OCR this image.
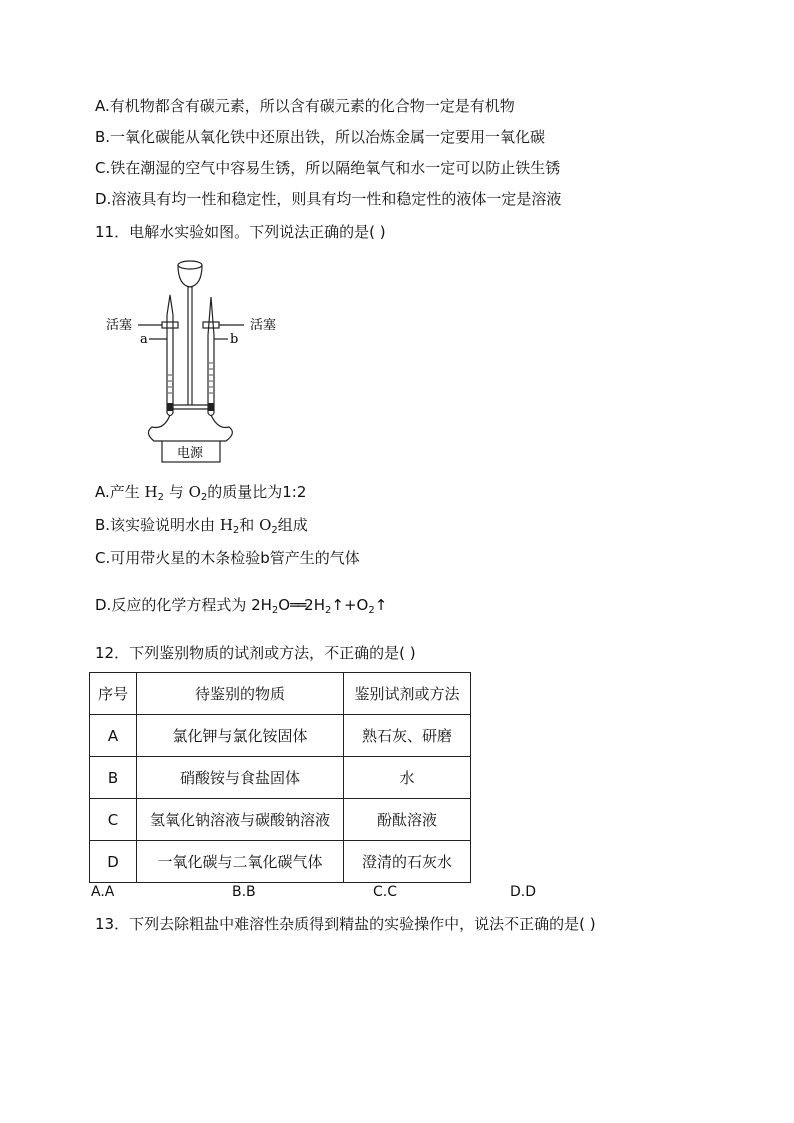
A.有机物都含有碳元素，所以含有碳元素的化合物一定是有机物
B.一氧化碳能从氧化铁中还原出铁，所以冶炼金属一定要用一氧化碳
C.铁在潮湿的空气中容易生锈，所以隔绝氧气和水一定可以防止铁生锈
D.溶液具有均一性和稳定性，则具有均一性和稳定性的液体一定是溶液
11．电解水实验如图。下列说法正确的是( )
活塞	活塞
a	b
电源
A.产生 $H_2$ 与 $O_2$的质量比为1:2
B.该实验说明水由 $H_2$和 $O_2$组成
C.可用带火星的木条检验b管产生的气体
D.反应的化学方程式为 $2H_2O══2H_2↑+O_2↑$
12．下列鉴别物质的试剂或方法，不正确的是( )
序号	待鉴别的物质	鉴别试剂或方法
A	氯化钾与氯化铵固体	熟石灰、研磨
B	硝酸铵与食盐固体	水
C	氢氧化钠溶液与碳酸钠溶液	酚酞溶液
D	一氧化碳与二氧化碳气体	澄清的石灰水
A.A	B.B	C.C	D.D
13．下列去除粗盐中难溶性杂质得到精盐的实验操作中，说法不正确的是( )
